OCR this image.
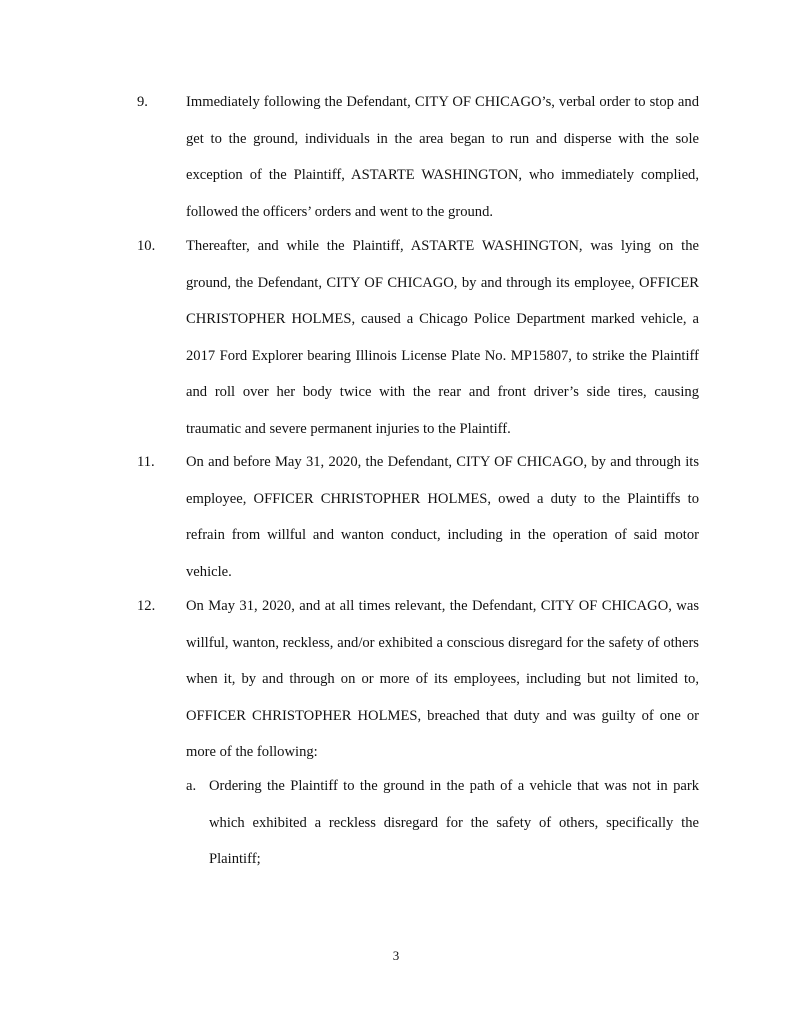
9.	Immediately following the Defendant, CITY OF CHICAGO’s, verbal order to stop and get to the ground, individuals in the area began to run and disperse with the sole exception of the Plaintiff, ASTARTE WASHINGTON, who immediately complied, followed the officers’ orders and went to the ground.

10. Thereafter, and while the Plaintiff, ASTARTE WASHINGTON, was lying on the ground, the Defendant, CITY OF CHICAGO, by and through its employee, OFFICER CHRISTOPHER HOLMES, caused a Chicago Police Department marked vehicle, a 2017 Ford Explorer bearing Illinois License Plate No. MP15807, to strike the Plaintiff and roll over her body twice with the rear and front driver’s side tires, causing traumatic and severe permanent injuries to the Plaintiff.

11. On and before May 31, 2020, the Defendant, CITY OF CHICAGO, by and through its employee, OFFICER CHRISTOPHER HOLMES, owed a duty to the Plaintiffs to refrain from willful and wanton conduct, including in the operation of said motor vehicle.

12. On May 31, 2020, and at all times relevant, the Defendant, CITY OF CHICAGO, was willful, wanton, reckless, and/or exhibited a conscious disregard for the safety of others when it, by and through on or more of its employees, including but not limited to, OFFICER CHRISTOPHER HOLMES, breached that duty and was guilty of one or more of the following:

a. Ordering the Plaintiff to the ground in the path of a vehicle that was not in park which exhibited a reckless disregard for the safety of others, specifically the Plaintiff;

3
